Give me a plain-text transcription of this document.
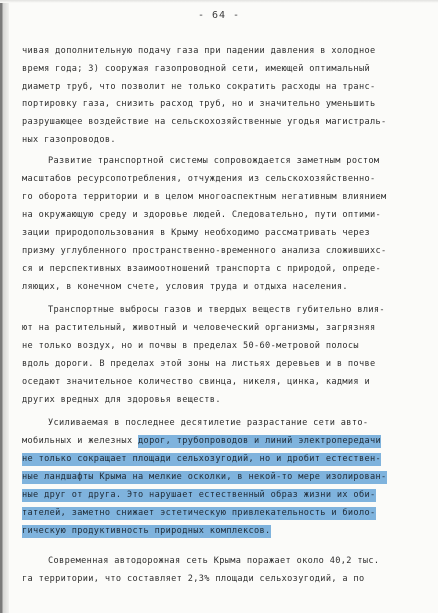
- 64 -
чивая дополнительную подачу газа при падении давления в холодное
время года; 3) сооружая газопроводной сети, имеющей оптимальный
диаметр труб, что позволит не только сократить расходы на транс-
портировку газа, снизить расход труб, но и значительно уменьшить
разрушающее воздействие на сельскохозяйственные угодья магистраль-
ных газопроводов.
Развитие транспортной системы сопровождается заметным ростом
масштабов ресурсопотребления, отчуждения из сельскохозяйственно-
го оборота территории и в целом многоаспектным негативным влиянием
на окружающую среду и здоровье людей. Следовательно, пути оптими-
зации природопользования в Крыму необходимо рассматривать через
призму углубленного пространственно-временного анализа сложившихс-
ся и перспективных взаимоотношений транспорта с природой, опреде-
ляющих, в конечном счете, условия труда и отдыха населения.
Транспортные выбросы газов и твердых веществ губительно влия-
ют на растительный, животный и человеческий организмы, загрязняя
не только воздух, но и почвы в пределах 50-60-метровой полосы
вдоль дороги. В пределах этой зоны на листьях деревьев и в почве
оседают значительное количество свинца, никеля, цинка, кадмия и
других вредных для здоровья веществ.
Усиливаемая в последнее десятилетие разрастание сети авто-
мобильных и железных дорог, трубопроводов и линий электропередачи
не только сокращает площади сельхозугодий, но и дробит естествен-
ные ландшафты Крыма на мелкие осколки, в некой-то мере изолирован-
ные друг от друга. Это нарушает естественный образ жизни их оби-
тателей, заметно снижает эстетическую привлекательность и биоло-
гическую продуктивность природных комплексов.
Современная автодорожная сеть Крыма поражает около 40,2 тыс.
га территории, что составляет 2,3% площади сельхозугодий, а по
